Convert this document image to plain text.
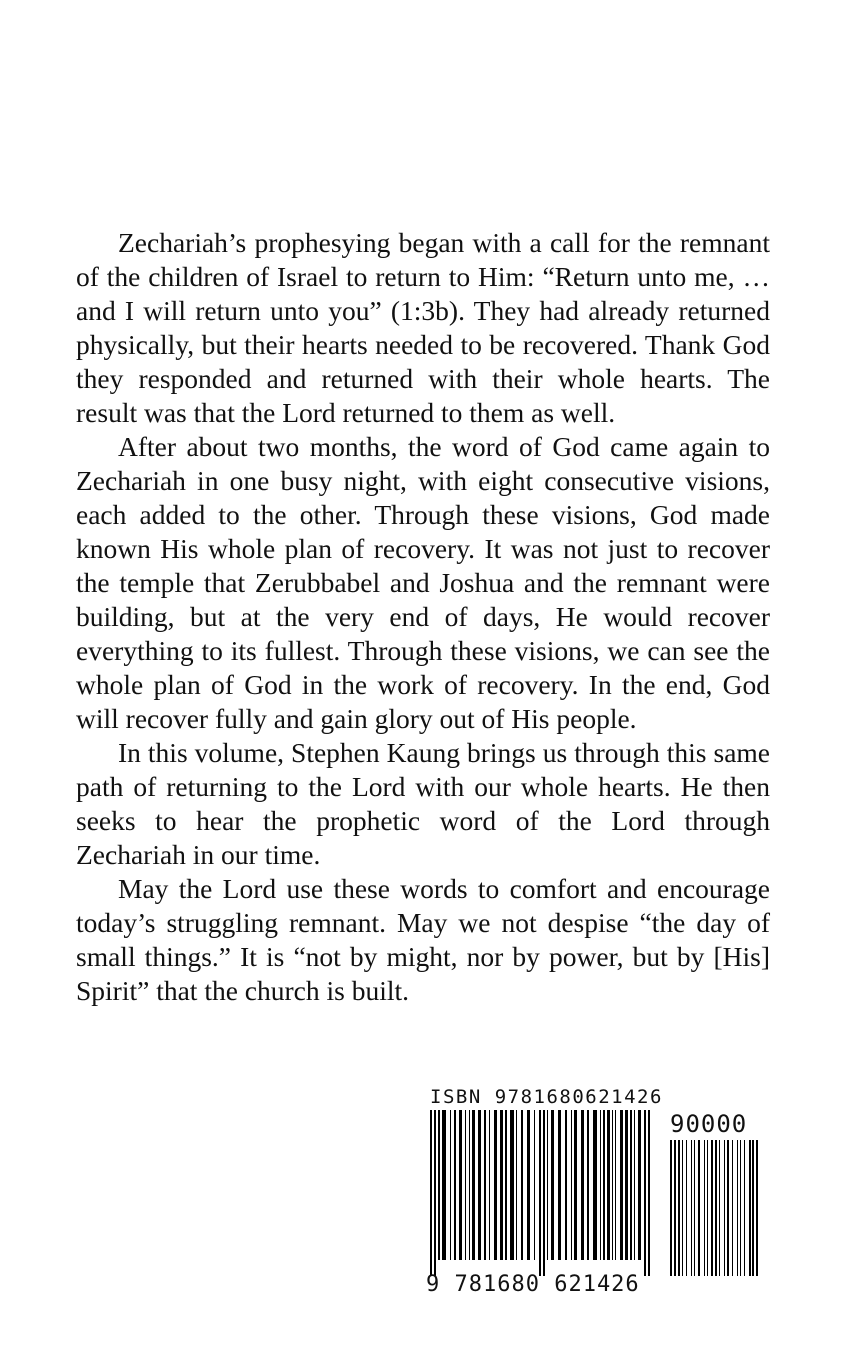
Zechariah’s prophesying began with a call for the remnant of the children of Israel to return to Him: “Return unto me, … and I will return unto you” (1:3b). They had already returned physically, but their hearts needed to be recovered. Thank God they responded and returned with their whole hearts. The result was that the Lord returned to them as well.

After about two months, the word of God came again to Zechariah in one busy night, with eight consecutive visions, each added to the other. Through these visions, God made known His whole plan of recovery. It was not just to recover the temple that Zerubbabel and Joshua and the remnant were building, but at the very end of days, He would recover everything to its fullest. Through these visions, we can see the whole plan of God in the work of recovery. In the end, God will recover fully and gain glory out of His people.

In this volume, Stephen Kaung brings us through this same path of returning to the Lord with our whole hearts. He then seeks to hear the prophetic word of the Lord through Zechariah in our time.

May the Lord use these words to comfort and encourage today’s struggling remnant. May we not despise “the day of small things.” It is “not by might, nor by power, but by [His] Spirit” that the church is built.

ISBN 9781680621426
90000
9 781680 621426
